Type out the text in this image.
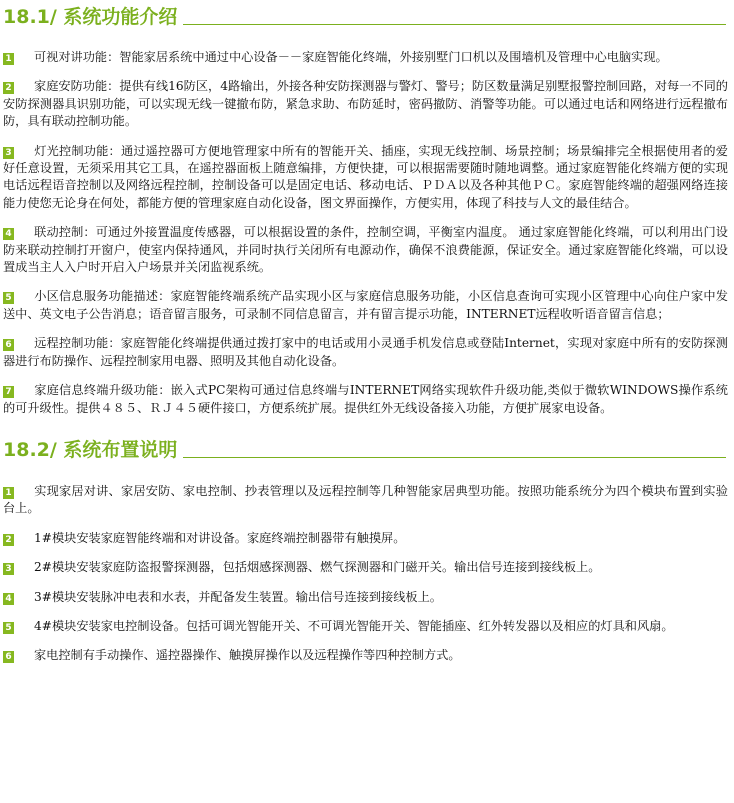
18.1/ 系统功能介绍
1 可视对讲功能：智能家居系统中通过中心设备－－家庭智能化终端，外接别墅门口机以及围墙机及管理中心电脑实现。
2 家庭安防功能：提供有线16防区，4路输出，外接各种安防探测器与警灯、警号；防区数量满足别墅报警控制回路，对每一不同的安防探测器具识别功能，可以实现无线一键撤布防，紧急求助、布防延时，密码撤防、消警等功能。可以通过电话和网络进行远程撤布防，具有联动控制功能。
3 灯光控制功能：通过遥控器可方便地管理家中所有的智能开关、插座，实现无线控制、场景控制；场景编排完全根据使用者的爱好任意设置，无须采用其它工具，在遥控器面板上随意编排，方便快捷，可以根据需要随时随地调整。通过家庭智能化终端方便的实现电话远程语音控制以及网络远程控制，控制设备可以是固定电话、移动电话、ＰＤＡ以及各种其他ＰＣ。家庭智能终端的超强网络连接能力使您无论身在何处，都能方便的管理家庭自动化设备，图文界面操作，方便实用，体现了科技与人文的最佳结合。
4 联动控制：可通过外接置温度传感器，可以根据设置的条件，控制空调，平衡室内温度。 通过家庭智能化终端，可以利用出门设防来联动控制打开窗户，使室内保持通风，并同时执行关闭所有电源动作，确保不浪费能源，保证安全。通过家庭智能化终端，可以设置成当主人入户时开启入户场景并关闭监视系统。
5 小区信息服务功能描述：家庭智能终端系统产品实现小区与家庭信息服务功能，小区信息查询可实现小区管理中心向住户家中发送中、英文电子公告消息；语音留言服务，可录制不同信息留言，并有留言提示功能，INTERNET远程收听语音留言信息；
6 远程控制功能：家庭智能化终端提供通过拨打家中的电话或用小灵通手机发信息或登陆Internet，实现对家庭中所有的安防探测器进行布防操作、远程控制家用电器、照明及其他自动化设备。
7 家庭信息终端升级功能：嵌入式PC架构可通过信息终端与INTERNET网络实现软件升级功能,类似于微软WINDOWS操作系统的可升级性。提供４８５、ＲＪ４５硬件接口，方便系统扩展。提供红外无线设备接入功能，方便扩展家电设备。
18.2/ 系统布置说明
1 实现家居对讲、家居安防、家电控制、抄表管理以及远程控制等几种智能家居典型功能。按照功能系统分为四个模块布置到实验台上。
2 1#模块安装家庭智能终端和对讲设备。家庭终端控制器带有触摸屏。
3 2#模块安装家庭防盗报警探测器，包括烟感探测器、燃气探测器和门磁开关。输出信号连接到接线板上。
4 3#模块安装脉冲电表和水表，并配备发生装置。输出信号连接到接线板上。
5 4#模块安装家电控制设备。包括可调光智能开关、不可调光智能开关、智能插座、红外转发器以及相应的灯具和风扇。
6 家电控制有手动操作、遥控器操作、触摸屏操作以及远程操作等四种控制方式。
